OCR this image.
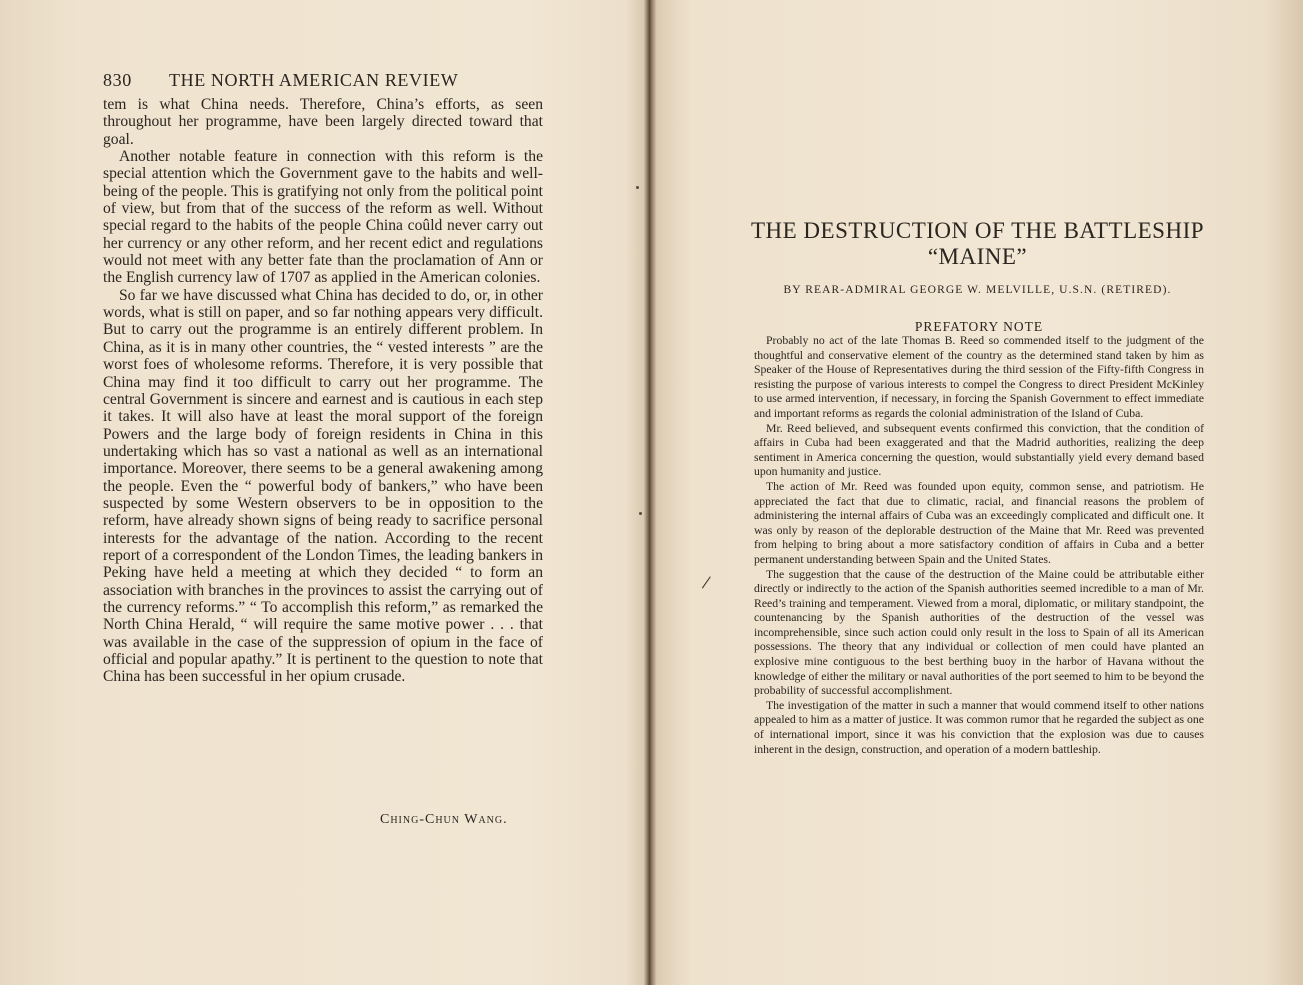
830 THE NORTH AMERICAN REVIEW

tem is what China needs. Therefore, China’s efforts, as seen throughout her programme, have been largely directed toward that goal.

Another notable feature in connection with this reform is the special attention which the Government gave to the habits and well-being of the people. This is gratifying not only from the political point of view, but from that of the success of the reform as well. Without special regard to the habits of the people China coûld never carry out her currency or any other reform, and her recent edict and regulations would not meet with any better fate than the proclamation of Ann or the English currency law of 1707 as applied in the American colonies.

So far we have discussed what China has decided to do, or, in other words, what is still on paper, and so far nothing appears very difficult. But to carry out the programme is an entirely different problem. In China, as it is in many other countries, the “ vested interests ” are the worst foes of wholesome reforms. Therefore, it is very possible that China may find it too difficult to carry out her programme. The central Government is sincere and earnest and is cautious in each step it takes. It will also have at least the moral support of the foreign Powers and the large body of foreign residents in China in this undertaking which has so vast a national as well as an international importance. Moreover, there seems to be a general awakening among the people. Even the “ powerful body of bankers,” who have been suspected by some Western observers to be in opposition to the reform, have already shown signs of being ready to sacrifice personal interests for the advantage of the nation. According to the recent report of a correspondent of the London Times, the leading bankers in Peking have held a meeting at which they decided “ to form an association with branches in the provinces to assist the carrying out of the currency reforms.” “ To accomplish this reform,” as remarked the North China Herald, “ will require the same motive power . . . that was available in the case of the suppression of opium in the face of official and popular apathy.” It is pertinent to the question to note that China has been successful in her opium crusade.

Ching-Chun Wang.
THE DESTRUCTION OF THE BATTLESHIP “MAINE”
BY REAR-ADMIRAL GEORGE W. MELVILLE, U.S.N. (RETIRED).
PREFATORY NOTE

Probably no act of the late Thomas B. Reed so commended itself to the judgment of the thoughtful and conservative element of the country as the determined stand taken by him as Speaker of the House of Representatives during the third session of the Fifty-fifth Congress in resisting the purpose of various interests to compel the Congress to direct President McKinley to use armed intervention, if necessary, in forcing the Spanish Government to effect immediate and important reforms as regards the colonial administration of the Island of Cuba.

Mr. Reed believed, and subsequent events confirmed this conviction, that the condition of affairs in Cuba had been exaggerated and that the Madrid authorities, realizing the deep sentiment in America concerning the question, would substantially yield every demand based upon humanity and justice.

The action of Mr. Reed was founded upon equity, common sense, and patriotism. He appreciated the fact that due to climatic, racial, and financial reasons the problem of administering the internal affairs of Cuba was an exceedingly complicated and difficult one. It was only by reason of the deplorable destruction of the Maine that Mr. Reed was prevented from helping to bring about a more satisfactory condition of affairs in Cuba and a better permanent understanding between Spain and the United States.

The suggestion that the cause of the destruction of the Maine could be attributable either directly or indirectly to the action of the Spanish authorities seemed incredible to a man of Mr. Reed’s training and temperament. Viewed from a moral, diplomatic, or military standpoint, the countenancing by the Spanish authorities of the destruction of the vessel was incomprehensible, since such action could only result in the loss to Spain of all its American possessions. The theory that any individual or collection of men could have planted an explosive mine contiguous to the best berthing buoy in the harbor of Havana without the knowledge of either the military or naval authorities of the port seemed to him to be beyond the probability of successful accomplishment.

The investigation of the matter in such a manner that would commend itself to other nations appealed to him as a matter of justice. It was common rumor that he regarded the subject as one of international import, since it was his conviction that the explosion was due to causes inherent in the design, construction, and operation of a modern battleship.
